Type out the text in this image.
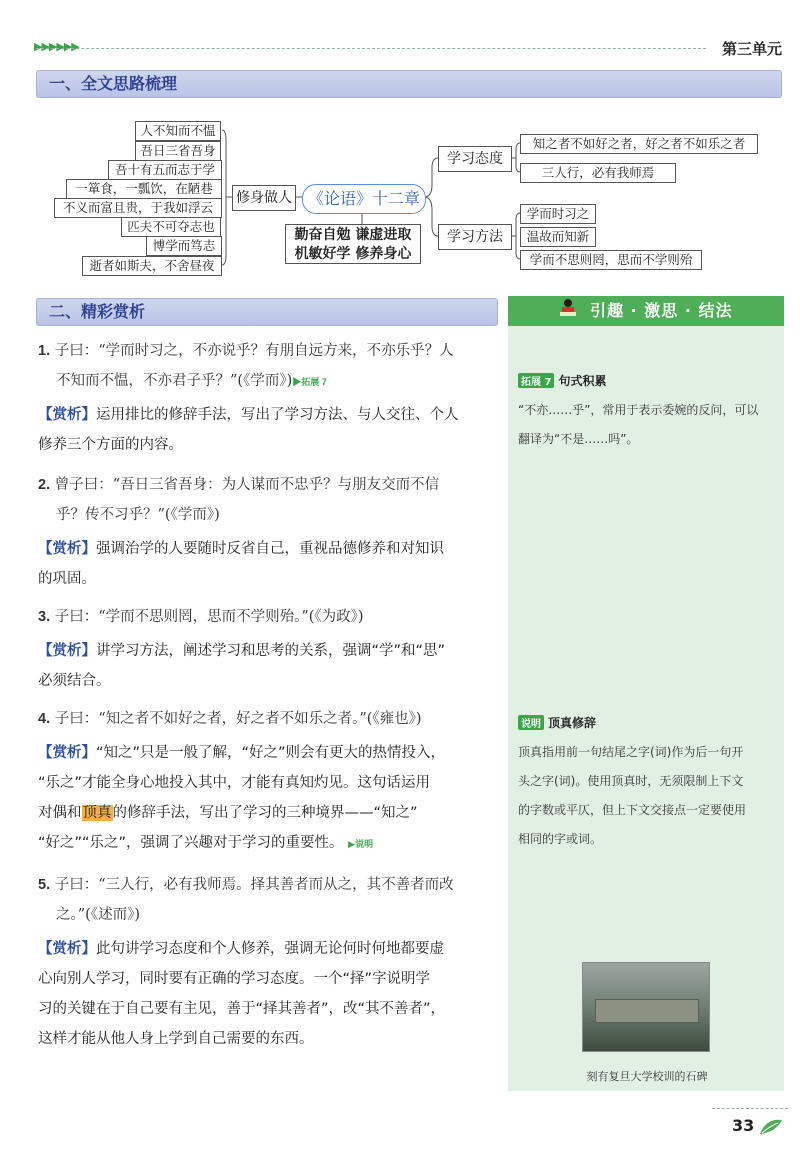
▶▶▶▶▶▶	第三单元
一、全文思路梳理
人不知而不愠
吾日三省吾身
吾十有五而志于学
一箪食，一瓢饮，在陋巷
不义而富且贵，于我如浮云
匹夫不可夺志也
博学而笃志
逝者如斯夫，不舍昼夜
修身做人 《论语》十二章
勤奋自勉 谦虚进取
机敏好学 修养身心
学习态度
学习方法
知之者不如好之者，好之者不如乐之者
三人行，必有我师焉
学而时习之
温故而知新
学而不思则罔，思而不学则殆
二、精彩赏析
1. 子曰：“学而时习之，不亦说乎？有朋自远方来，不亦乐乎？人
不知而不愠，不亦君子乎？”(《学而》)▶拓展 7
【赏析】运用排比的修辞手法，写出了学习方法、与人交往、个人
修养三个方面的内容。
2. 曾子曰：“吾日三省吾身：为人谋而不忠乎？与朋友交而不信
乎？传不习乎？”(《学而》)
【赏析】强调治学的人要随时反省自己，重视品德修养和对知识
的巩固。
3. 子曰：“学而不思则罔，思而不学则殆。”(《为政》)
【赏析】讲学习方法，阐述学习和思考的关系，强调“学”和“思”
必须结合。
4. 子曰：“知之者不如好之者，好之者不如乐之者。”(《雍也》)
【赏析】“知之”只是一般了解，“好之”则会有更大的热情投入，
“乐之”才能全身心地投入其中，才能有真知灼见。这句话运用
对偶和顶真的修辞手法，写出了学习的三种境界——“知之”
“好之”“乐之”，强调了兴趣对于学习的重要性。 ▶说明
5. 子曰：“三人行，必有我师焉。择其善者而从之，其不善者而改
之。”(《述而》)
【赏析】此句讲学习态度和个人修养，强调无论何时何地都要虚
心向别人学习，同时要有正确的学习态度。一个“择”字说明学
习的关键在于自己要有主见，善于“择其善者”，改“其不善者”，
这样才能从他人身上学到自己需要的东西。
引趣 · 激思 · 结法
拓展 7 句式积累
“不亦……乎”，常用于表示委婉的反问，可以
翻译为“不是……吗”。
说明 顶真修辞
顶真指用前一句结尾之字(词)作为后一句开
头之字(词)。使用顶真时，无须限制上下文
的字数或平仄，但上下文交接点一定要使用
相同的字或词。
刻有复旦大学校训的石碑
33
